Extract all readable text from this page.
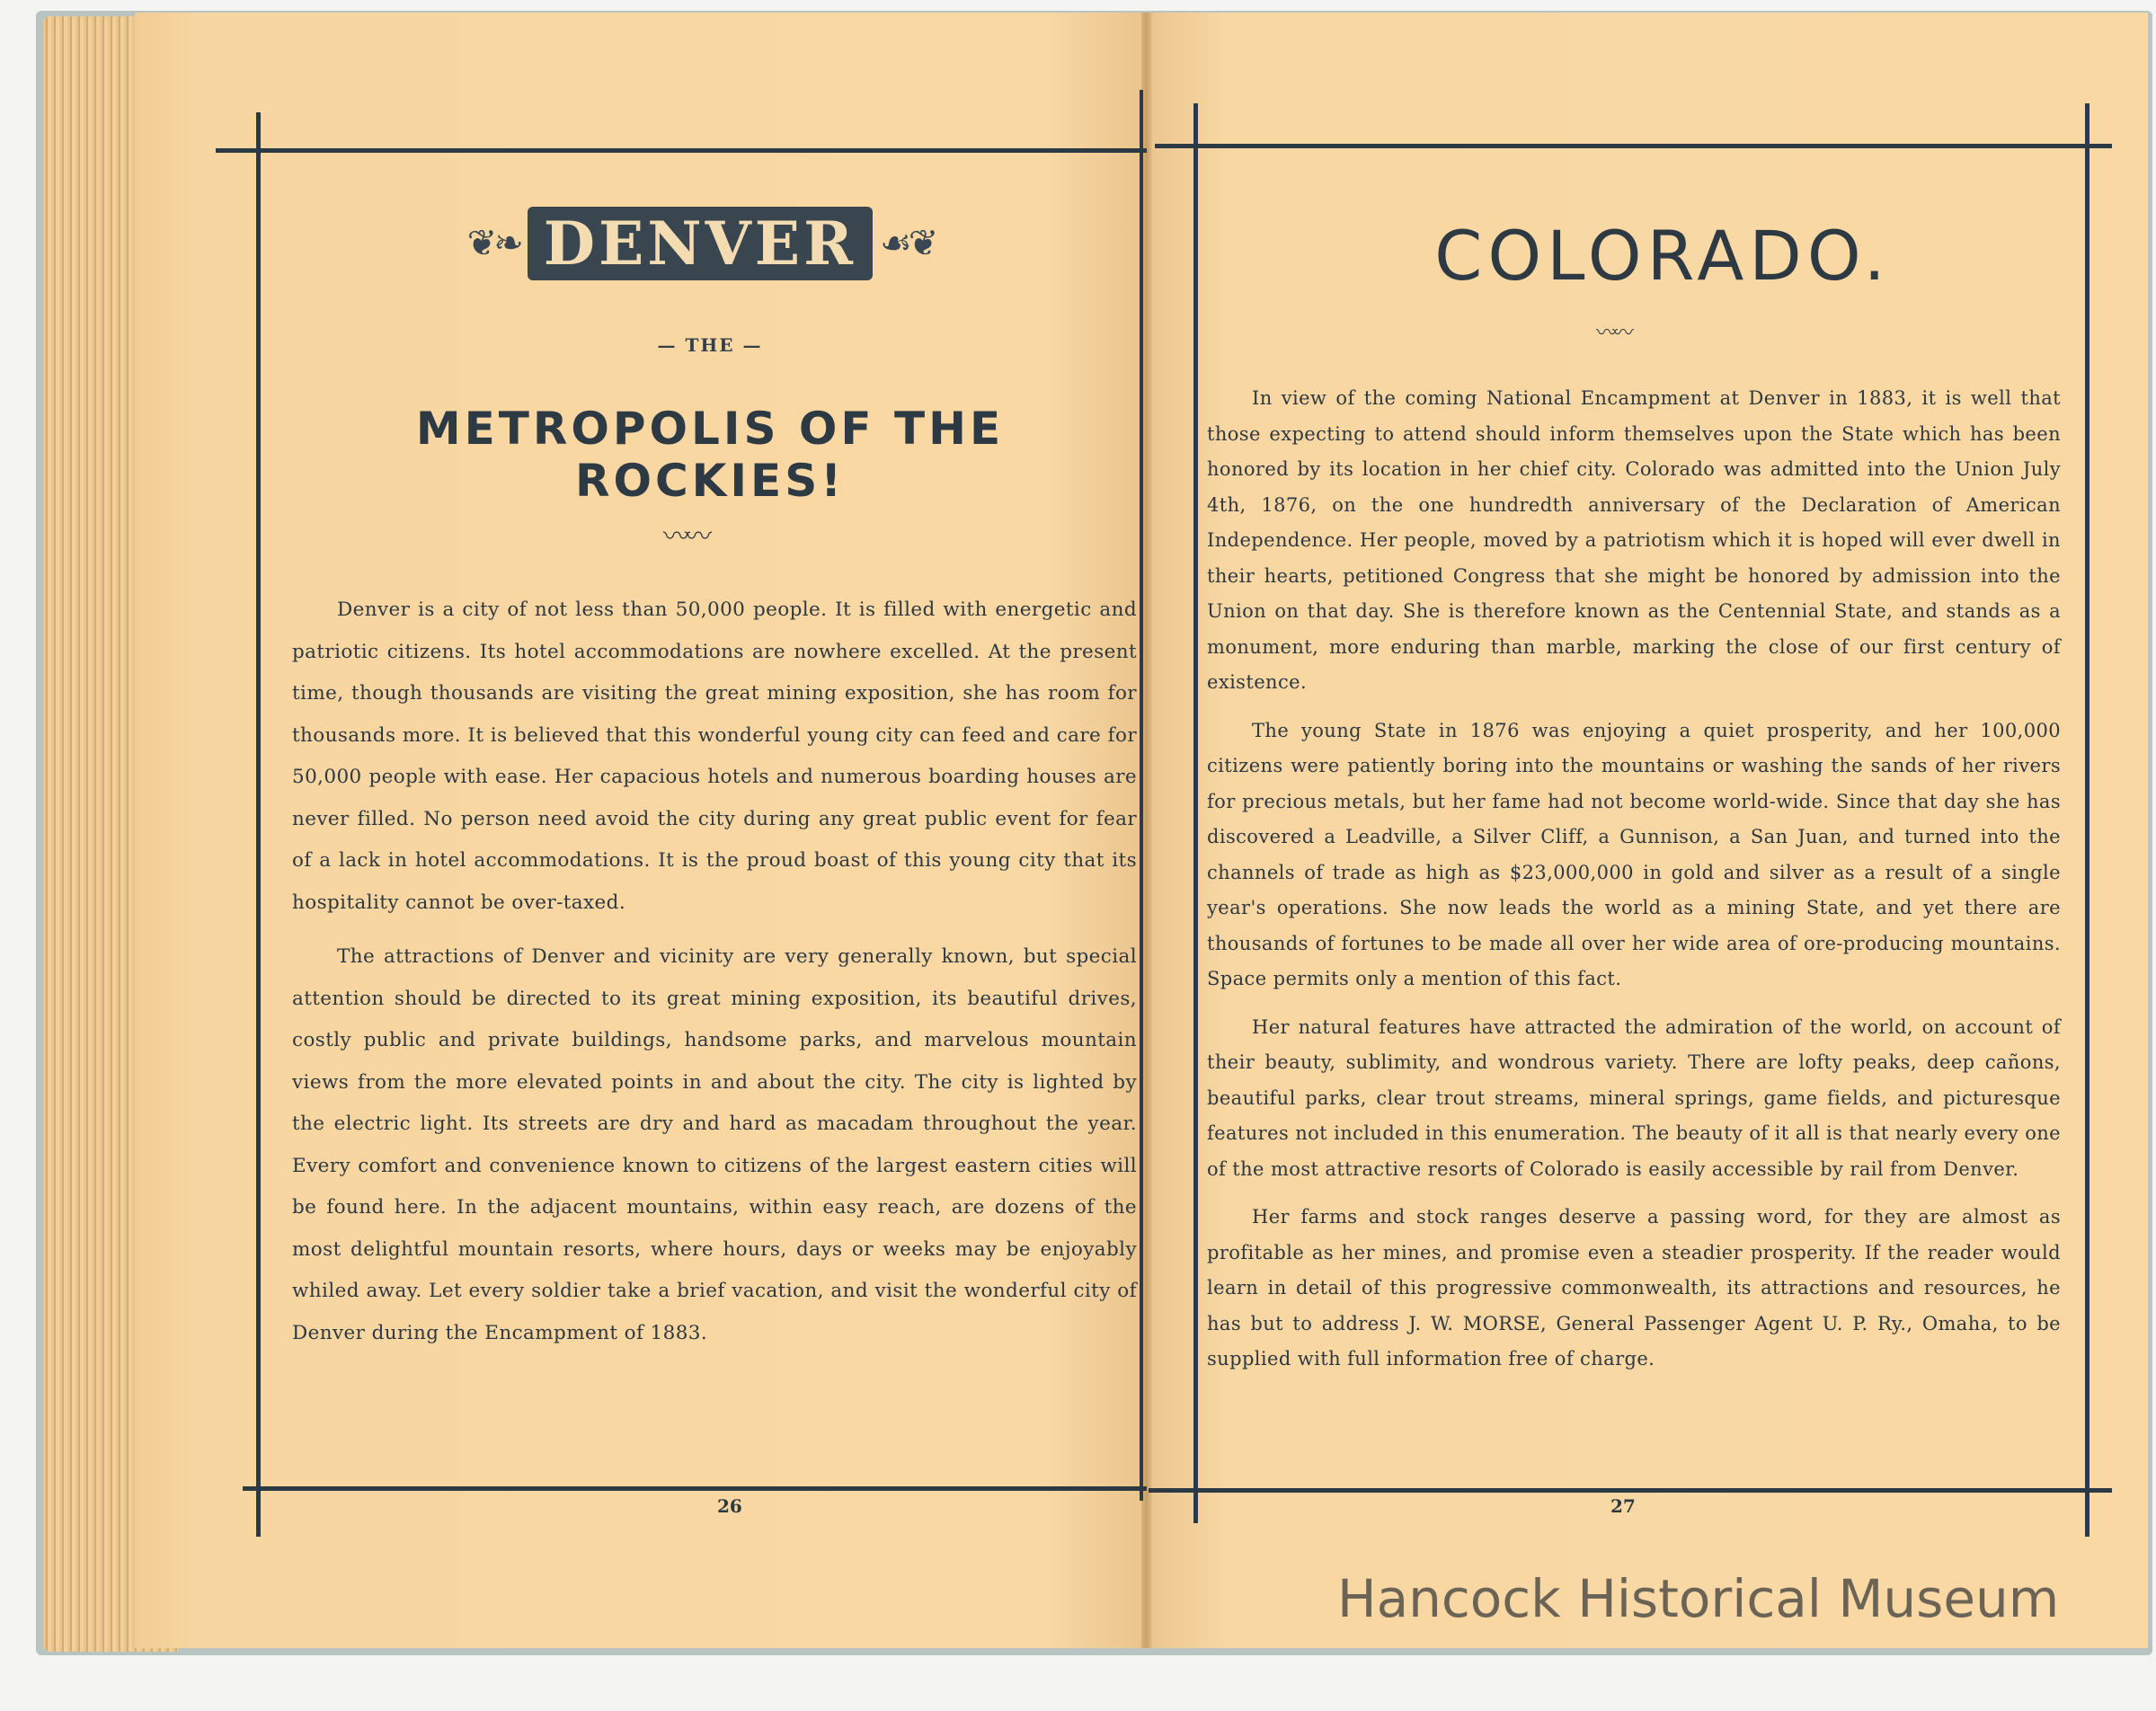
❦❧ DENVER ☙❦
— THE —
METROPOLIS OF THE ROCKIES!
〰〰

Denver is a city of not less than 50,000 people. It is filled with energetic and patriotic citizens. Its hotel accommodations are nowhere excelled. At the present time, though thousands are visiting the great mining exposition, she has room for thousands more. It is believed that this wonderful young city can feed and care for 50,000 people with ease. Her capacious hotels and numerous boarding houses are never filled. No person need avoid the city during any great public event for fear of a lack in hotel accommodations. It is the proud boast of this young city that its hospitality cannot be over-taxed.

The attractions of Denver and vicinity are very generally known, but special attention should be directed to its great mining exposition, its beautiful drives, costly public and private buildings, handsome parks, and marvelous mountain views from the more elevated points in and about the city. The city is lighted by the electric light. Its streets are dry and hard as macadam throughout the year. Every comfort and convenience known to citizens of the largest eastern cities will be found here. In the adjacent mountains, within easy reach, are dozens of the most delightful mountain resorts, where hours, days or weeks may be enjoyably whiled away. Let every soldier take a brief vacation, and visit the wonderful city of Denver during the Encampment of 1883.

26
COLORADO.
〰〰

In view of the coming National Encampment at Denver in 1883, it is well that those expecting to attend should inform themselves upon the State which has been honored by its location in her chief city. Colorado was admitted into the Union July 4th, 1876, on the one hundredth anniversary of the Declaration of American Independence. Her people, moved by a patriotism which it is hoped will ever dwell in their hearts, petitioned Congress that she might be honored by admission into the Union on that day. She is therefore known as the Centennial State, and stands as a monument, more enduring than marble, marking the close of our first century of existence.

The young State in 1876 was enjoying a quiet prosperity, and her 100,000 citizens were patiently boring into the mountains or washing the sands of her rivers for precious metals, but her fame had not become world-wide. Since that day she has discovered a Leadville, a Silver Cliff, a Gunnison, a San Juan, and turned into the channels of trade as high as $23,000,000 in gold and silver as a result of a single year's operations. She now leads the world as a mining State, and yet there are thousands of fortunes to be made all over her wide area of ore-producing mountains. Space permits only a mention of this fact.

Her natural features have attracted the admiration of the world, on account of their beauty, sublimity, and wondrous variety. There are lofty peaks, deep cañons, beautiful parks, clear trout streams, mineral springs, game fields, and picturesque features not included in this enumeration. The beauty of it all is that nearly every one of the most attractive resorts of Colorado is easily accessible by rail from Denver.

Her farms and stock ranges deserve a passing word, for they are almost as profitable as her mines, and promise even a steadier prosperity. If the reader would learn in detail of this progressive commonwealth, its attractions and resources, he has but to address J. W. MORSE, General Passenger Agent U. P. Ry., Omaha, to be supplied with full information free of charge.

27
Hancock Historical Museum
